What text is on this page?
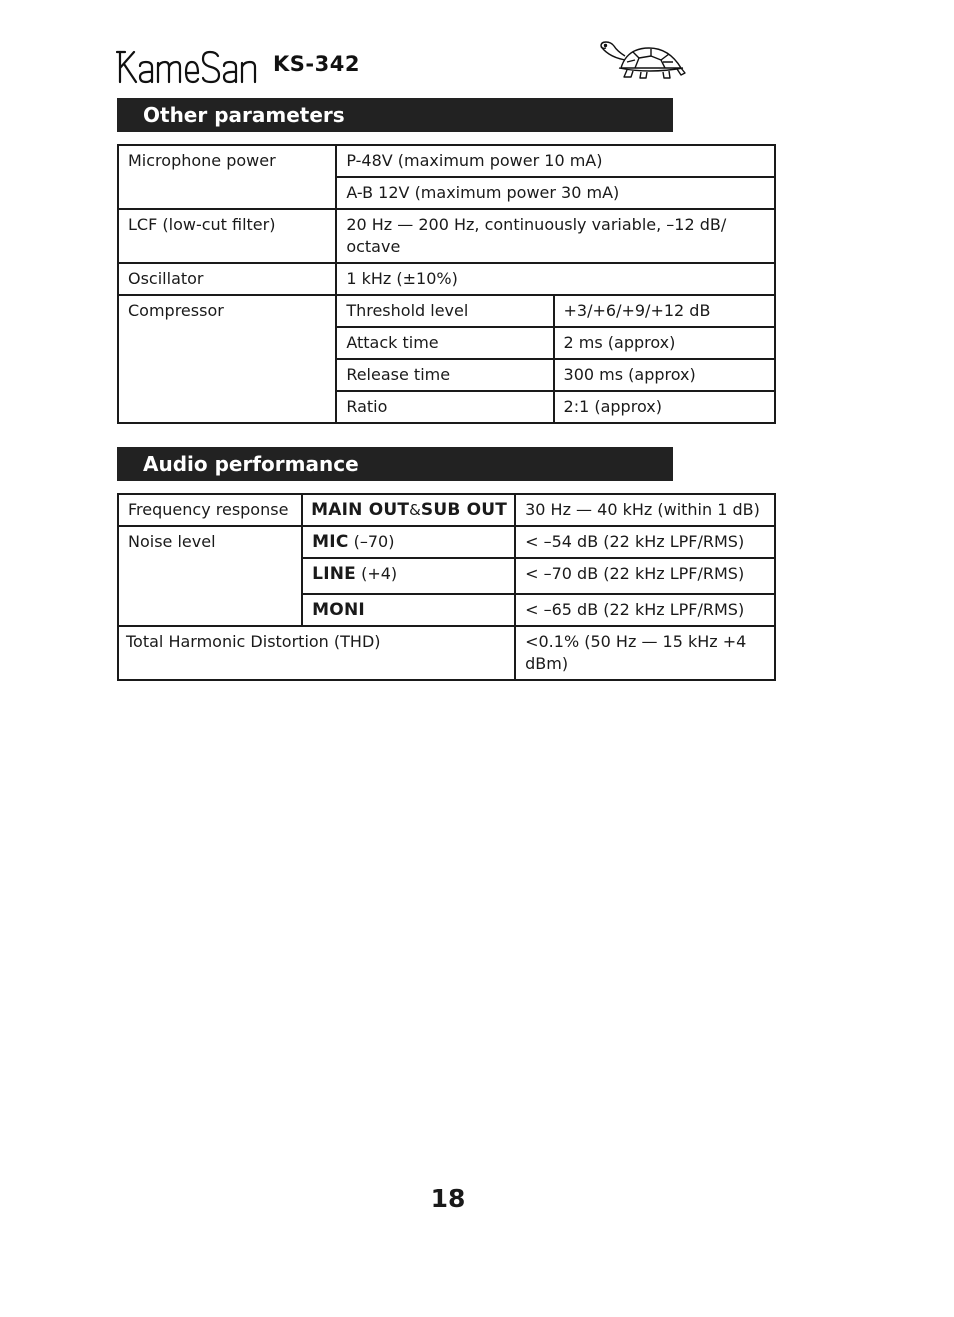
KS-342
Other parameters
Microphone power	P-48V (maximum power 10 mA)	
	A-B 12V (maximum power 30 mA)	
LCF (low-cut filter)	20 Hz — 200 Hz, continuously variable, –12 dB/ octave	
Oscillator	1 kHz (±10%)	
Compressor	Threshold level	+3/+6/+9/+12 dB
	Attack time	2 ms (approx)
	Release time	300 ms (approx)
	Ratio	2:1 (approx)
Audio performance
Frequency response	MAIN OUT&SUB OUT	30 Hz — 40 kHz (within 1 dB)
Noise level	MIC (–70)	< –54 dB (22 kHz LPF/RMS)
	LINE (+4)	< –70 dB (22 kHz LPF/RMS)
	MONI	< –65 dB (22 kHz LPF/RMS)
Total Harmonic Distortion (THD)		<0.1% (50 Hz — 15 kHz +4 dBm)
18
